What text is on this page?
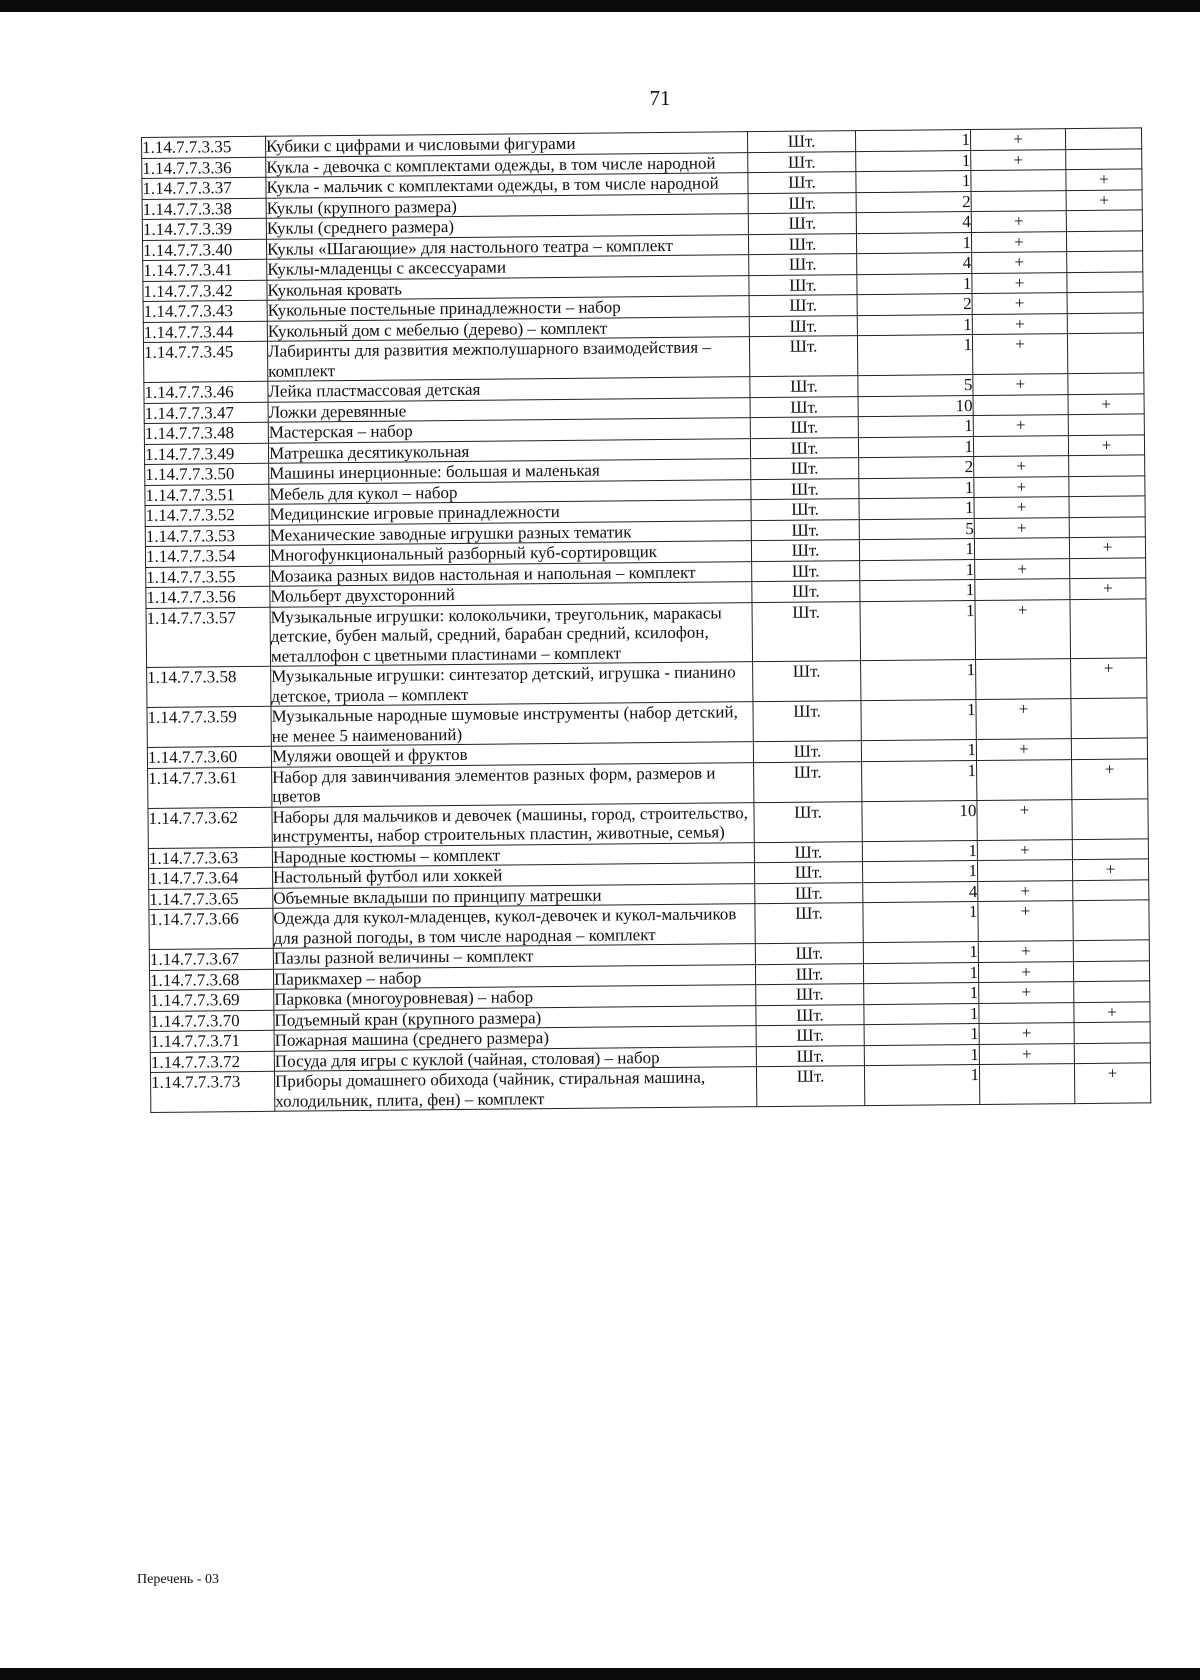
71
1.14.7.7.3.35	Кубики с цифрами и числовыми фигурами	Шт.	1	+	
1.14.7.7.3.36	Кукла - девочка с комплектами одежды, в том числе народной	Шт.	1	+	
1.14.7.7.3.37	Кукла - мальчик с комплектами одежды, в том числе народной	Шт.	1		+
1.14.7.7.3.38	Куклы (крупного размера)	Шт.	2		+
1.14.7.7.3.39	Куклы (среднего размера)	Шт.	4	+	
1.14.7.7.3.40	Куклы «Шагающие» для настольного театра – комплект	Шт.	1	+	
1.14.7.7.3.41	Куклы-младенцы с аксессуарами	Шт.	4	+	
1.14.7.7.3.42	Кукольная кровать	Шт.	1	+	
1.14.7.7.3.43	Кукольные постельные принадлежности – набор	Шт.	2	+	
1.14.7.7.3.44	Кукольный дом с мебелью (дерево) – комплект	Шт.	1	+	
1.14.7.7.3.45	Лабиринты для развития межполушарного взаимодействия – комплект	Шт.	1	+	
1.14.7.7.3.46	Лейка пластмассовая детская	Шт.	5	+	
1.14.7.7.3.47	Ложки деревянные	Шт.	10		+
1.14.7.7.3.48	Мастерская – набор	Шт.	1	+	
1.14.7.7.3.49	Матрешка десятикукольная	Шт.	1		+
1.14.7.7.3.50	Машины инерционные: большая и маленькая	Шт.	2	+	
1.14.7.7.3.51	Мебель для кукол – набор	Шт.	1	+	
1.14.7.7.3.52	Медицинские игровые принадлежности	Шт.	1	+	
1.14.7.7.3.53	Механические заводные игрушки разных тематик	Шт.	5	+	
1.14.7.7.3.54	Многофункциональный разборный куб-сортировщик	Шт.	1		+
1.14.7.7.3.55	Мозаика разных видов настольная и напольная – комплект	Шт.	1	+	
1.14.7.7.3.56	Мольберт двухсторонний	Шт.	1		+
1.14.7.7.3.57	Музыкальные игрушки: колокольчики, треугольник, маракасы детские, бубен малый, средний, барабан средний, ксилофон, металлофон с цветными пластинами – комплект	Шт.	1	+	
1.14.7.7.3.58	Музыкальные игрушки: синтезатор детский, игрушка - пианино детское, триола – комплект	Шт.	1		+
1.14.7.7.3.59	Музыкальные народные шумовые инструменты (набор детский, не менее 5 наименований)	Шт.	1	+	
1.14.7.7.3.60	Муляжи овощей и фруктов	Шт.	1	+	
1.14.7.7.3.61	Набор для завинчивания элементов разных форм, размеров и цветов	Шт.	1		+
1.14.7.7.3.62	Наборы для мальчиков и девочек (машины, город, строительство, инструменты, набор строительных пластин, животные, семья)	Шт.	10	+	
1.14.7.7.3.63	Народные костюмы – комплект	Шт.	1	+	
1.14.7.7.3.64	Настольный футбол или хоккей	Шт.	1		+
1.14.7.7.3.65	Объемные вкладыши по принципу матрешки	Шт.	4	+	
1.14.7.7.3.66	Одежда для кукол-младенцев, кукол-девочек и кукол-мальчиков для разной погоды, в том числе народная – комплект	Шт.	1	+	
1.14.7.7.3.67	Пазлы разной величины – комплект	Шт.	1	+	
1.14.7.7.3.68	Парикмахер – набор	Шт.	1	+	
1.14.7.7.3.69	Парковка (многоуровневая) – набор	Шт.	1	+	
1.14.7.7.3.70	Подъемный кран (крупного размера)	Шт.	1		+
1.14.7.7.3.71	Пожарная машина (среднего размера)	Шт.	1	+	
1.14.7.7.3.72	Посуда для игры с куклой (чайная, столовая) – набор	Шт.	1	+	
1.14.7.7.3.73	Приборы домашнего обихода (чайник, стиральная машина, холодильник, плита, фен) – комплект	Шт.	1		+
Перечень - 03
